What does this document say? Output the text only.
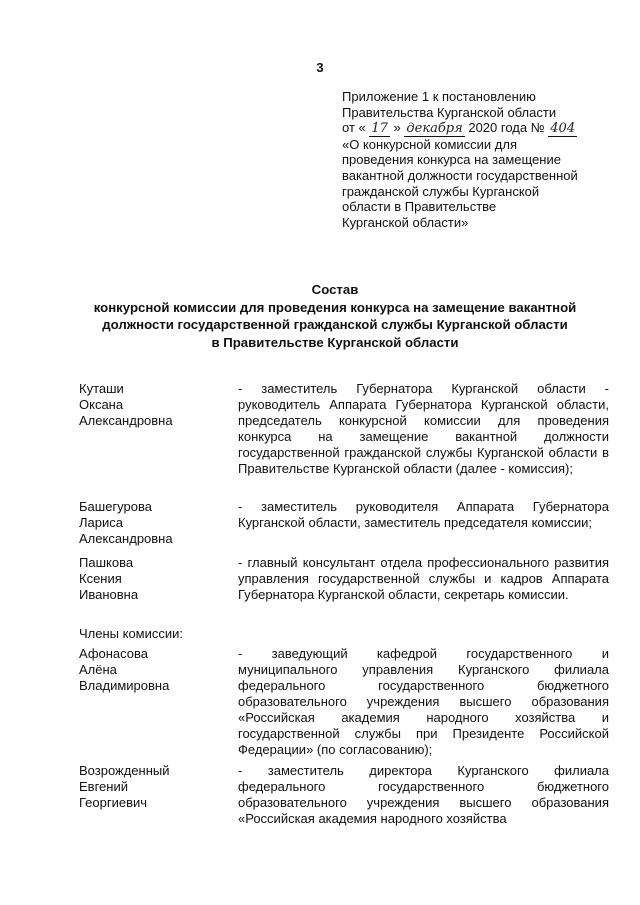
3
Приложение 1 к постановлению
Правительства Курганской области
от « 17 » декабря 2020 года № 404
«О конкурсной комиссии для
проведения конкурса на замещение
вакантной должности государственной
гражданской службы Курганской
области в Правительстве
Курганской области»
Состав
конкурсной комиссии для проведения конкурса на замещение вакантной
должности государственной гражданской службы Курганской области
в Правительстве Курганской области
Куташи
Оксана
Александровна
- заместитель Губернатора Курганской области - руководитель Аппарата Губернатора Курганской области, председатель конкурсной комиссии для проведения конкурса на замещение вакантной должности государственной гражданской службы Курганской области в Правительстве Курганской области (далее - комиссия);
Башегурова
Лариса
Александровна
- заместитель руководителя Аппарата Губернатора Курганской области, заместитель председателя комиссии;
Пашкова
Ксения
Ивановна
- главный консультант отдела профессионального развития управления государственной службы и кадров Аппарата Губернатора Курганской области, секретарь комиссии.
Члены комиссии:
Афонасова
Алёна
Владимировна
- заведующий кафедрой государственного и муниципального управления Курганского филиала федерального государственного бюджетного образовательного учреждения высшего образования «Российская академия народного хозяйства и государственной службы при Президенте Российской Федерации» (по согласованию);
Возрожденный
Евгений
Георгиевич
- заместитель директора Курганского филиала федерального государственного бюджетного образовательного учреждения высшего образования «Российская академия народного хозяйства
